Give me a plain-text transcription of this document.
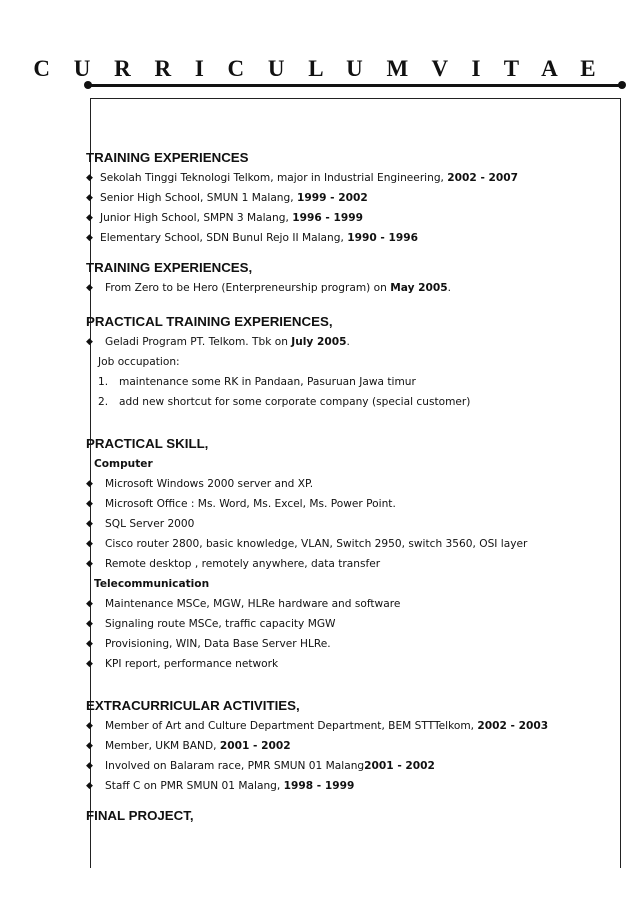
C U R R I C U L U M V I T A E
TRAINING EXPERIENCES
◆ Sekolah Tinggi Teknologi Telkom, major in Industrial Engineering, 2002 - 2007
◆ Senior High School, SMUN 1 Malang, 1999 - 2002
◆ Junior High School, SMPN 3 Malang, 1996 - 1999
◆ Elementary School, SDN Bunul Rejo II Malang, 1990 - 1996
TRAINING EXPERIENCES,
◆ From Zero to be Hero (Enterpreneurship program) on May 2005.
PRACTICAL TRAINING EXPERIENCES,
◆ Geladi Program PT. Telkom. Tbk on July 2005.
Job occupation:
1. maintenance some RK in Pandaan, Pasuruan Jawa timur
2. add new shortcut for some corporate company (special customer)
PRACTICAL SKILL,
Computer
◆ Microsoft Windows 2000 server and XP.
◆ Microsoft Office : Ms. Word, Ms. Excel, Ms. Power Point.
◆ SQL Server 2000
◆ Cisco router 2800, basic knowledge, VLAN, Switch 2950, switch 3560, OSI layer
◆ Remote desktop , remotely anywhere, data transfer
Telecommunication
◆ Maintenance MSCe, MGW, HLRe hardware and software
◆ Signaling route MSCe, traffic capacity MGW
◆ Provisioning, WIN, Data Base Server HLRe.
◆ KPI report, performance network
EXTRACURRICULAR ACTIVITIES,
◆ Member of Art and Culture Department Department, BEM STTTelkom, 2002 - 2003
◆ Member, UKM BAND, 2001 - 2002
◆ Involved on Balaram race, PMR SMUN 01 Malang2001 - 2002
◆ Staff C on PMR SMUN 01 Malang, 1998 - 1999
FINAL PROJECT,
